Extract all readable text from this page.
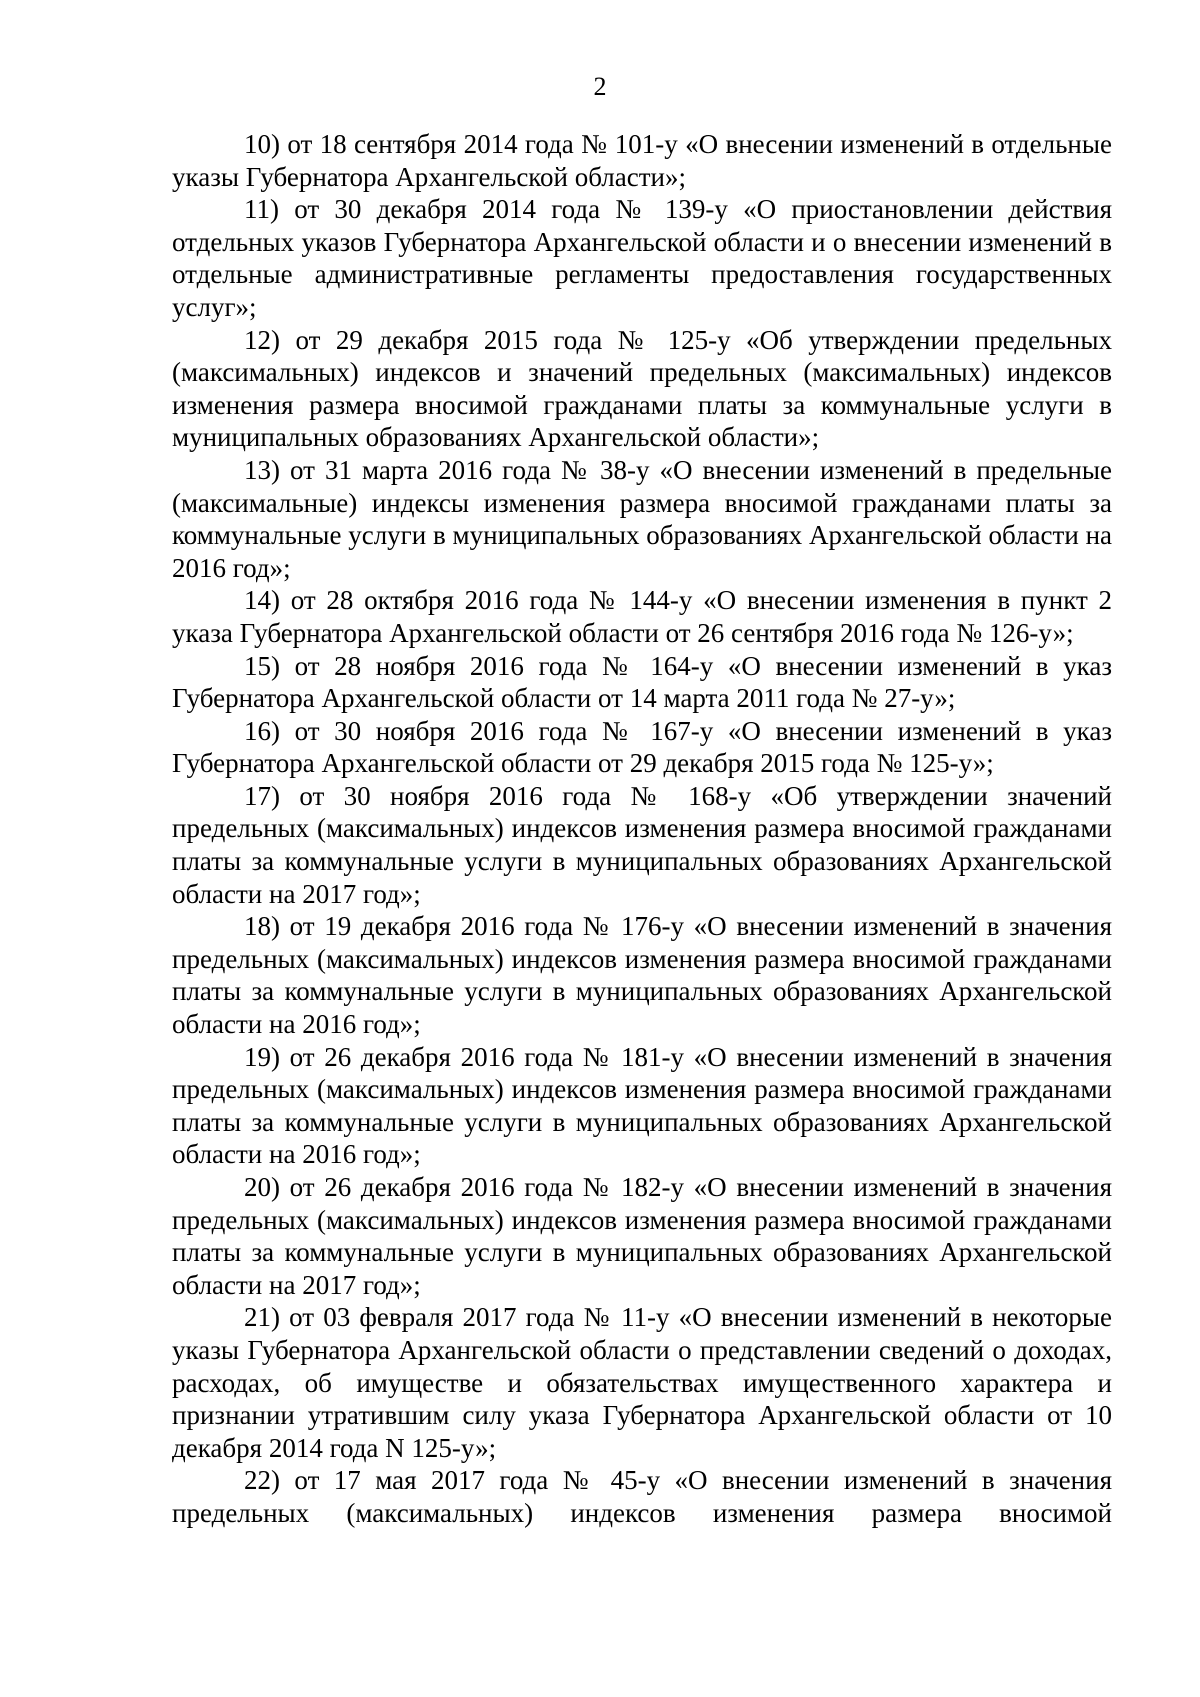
2

10) от 18 сентября 2014 года № 101-у «О внесении изменений в отдельные указы Губернатора Архангельской области»;

11) от 30 декабря 2014 года № 139-у «О приостановлении действия отдельных указов Губернатора Архангельской области и о внесении изменений в отдельные административные регламенты предоставления государственных услуг»;

12) от 29 декабря 2015 года № 125-у «Об утверждении предельных (максимальных) индексов и значений предельных (максимальных) индексов изменения размера вносимой гражданами платы за коммунальные услуги в муниципальных образованиях Архангельской области»;

13) от 31 марта 2016 года № 38-у «О внесении изменений в предельные (максимальные) индексы изменения размера вносимой гражданами платы за коммунальные услуги в муниципальных образованиях Архангельской области на 2016 год»;

14) от 28 октября 2016 года № 144-у «О внесении изменения в пункт 2 указа Губернатора Архангельской области от 26 сентября 2016 года № 126-у»;

15) от 28 ноября 2016 года № 164-у «О внесении изменений в указ Губернатора Архангельской области от 14 марта 2011 года № 27-у»;

16) от 30 ноября 2016 года № 167-у «О внесении изменений в указ Губернатора Архангельской области от 29 декабря 2015 года № 125-у»;

17) от 30 ноября 2016 года № 168-у «Об утверждении значений предельных (максимальных) индексов изменения размера вносимой гражданами платы за коммунальные услуги в муниципальных образованиях Архангельской области на 2017 год»;

18) от 19 декабря 2016 года № 176-у «О внесении изменений в значения предельных (максимальных) индексов изменения размера вносимой гражданами платы за коммунальные услуги в муниципальных образованиях Архангельской области на 2016 год»;

19) от 26 декабря 2016 года № 181-у «О внесении изменений в значения предельных (максимальных) индексов изменения размера вносимой гражданами платы за коммунальные услуги в муниципальных образованиях Архангельской области на 2016 год»;

20) от 26 декабря 2016 года № 182-у «О внесении изменений в значения предельных (максимальных) индексов изменения размера вносимой гражданами платы за коммунальные услуги в муниципальных образованиях Архангельской области на 2017 год»;

21) от 03 февраля 2017 года № 11-у «О внесении изменений в некоторые указы Губернатора Архангельской области о представлении сведений о доходах, расходах, об имуществе и обязательствах имущественного характера и признании утратившим силу указа Губернатора Архангельской области от 10 декабря 2014 года N 125-у»;

22) от 17 мая 2017 года № 45-у «О внесении изменений в значения предельных (максимальных) индексов изменения размера вносимой
